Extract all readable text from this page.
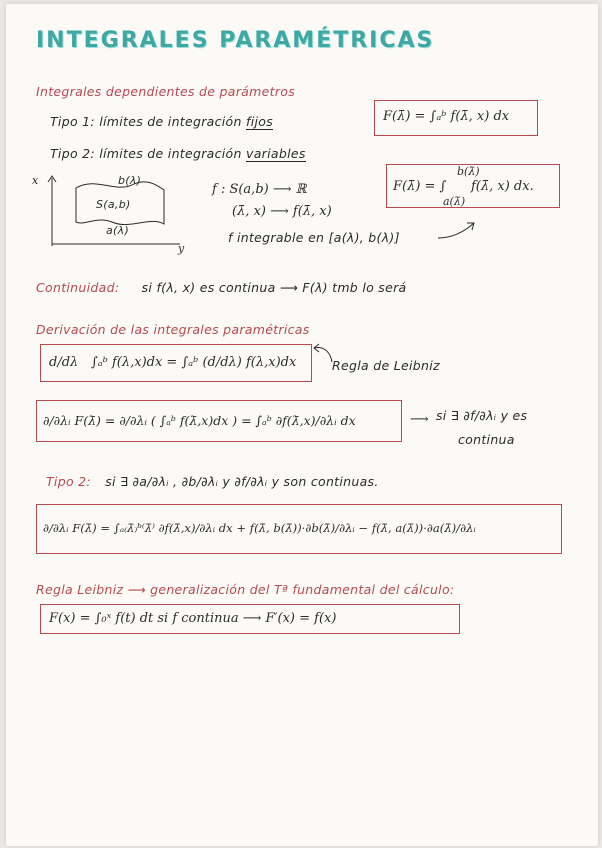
INTEGRALES PARAMÉTRICAS
Integrales dependientes de parámetros
Tipo 1: límites de integración fijos	F(λ̄) = ∫ₐᵇ f(λ̄, x) dx
Tipo 2: límites de integración variables
b(λ̄)
F(λ̄) = ∫ f(λ̄, x) dx.
a(λ̄)
x
y
b(λ)
S(a,b)
a(λ)
f : S(a,b) ⟶ ℝ
(λ̄, x) ⟶ f(λ̄, x)
f integrable en [a(λ), b(λ)]
Continuidad: si f(λ, x) es continua ⟶ F(λ) tmb lo será
Derivación de las integrales paramétricas
d/dλ ∫ₐᵇ f(λ,x)dx = ∫ₐᵇ (d/dλ) f(λ,x)dx	Regla de Leibniz
∂/∂λᵢ F(λ̄) = ∂/∂λᵢ ( ∫ₐᵇ f(λ̄,x)dx ) = ∫ₐᵇ ∂f(λ̄,x)/∂λᵢ dx	⟶ si ∃ ∂f/∂λᵢ y es
continua
Tipo 2: si ∃ ∂a/∂λᵢ , ∂b/∂λᵢ y ∂f/∂λᵢ y son continuas.
∂/∂λᵢ F(λ̄) = ∫ₐ₍λ̄₎ᵇ⁽λ̄⁾ ∂f(λ̄,x)/∂λᵢ dx + f(λ̄, b(λ̄))·∂b(λ̄)/∂λᵢ − f(λ̄, a(λ̄))·∂a(λ̄)/∂λᵢ
Regla Leibniz ⟶ generalización del Tª fundamental del cálculo:
F(x) = ∫₀ˣ f(t) dt si f continua ⟶ F′(x) = f(x)
